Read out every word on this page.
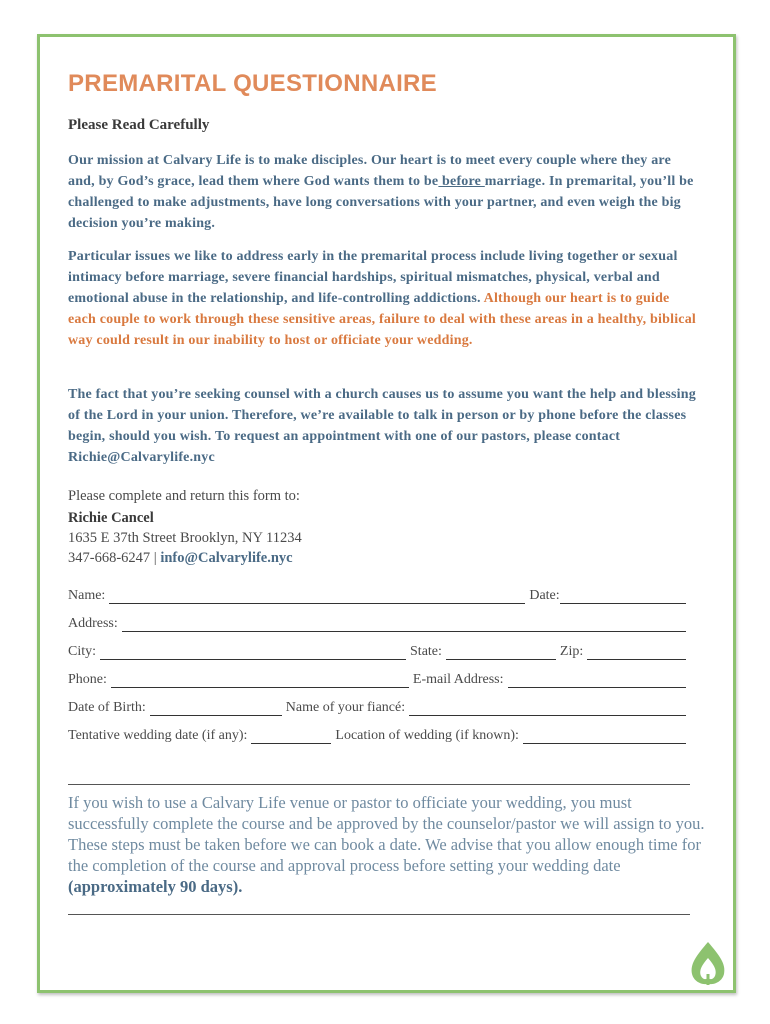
PREMARITAL QUESTIONNAIRE
Please Read Carefully

Our mission at Calvary Life is to make disciples. Our heart is to meet every couple where they are and, by God’s grace, lead them where God wants them to be before marriage. In premarital, you’ll be challenged to make adjustments, have long conversations with your partner, and even weigh the big decision you’re making.

Particular issues we like to address early in the premarital process include living together or sexual intimacy before marriage, severe financial hardships, spiritual mismatches, physical, verbal and emotional abuse in the relationship, and life-controlling addictions. Although our heart is to guide each couple to work through these sensitive areas, failure to deal with these areas in a healthy, biblical way could result in our inability to host or officiate your wedding.

The fact that you’re seeking counsel with a church causes us to assume you want the help and blessing of the Lord in your union. Therefore, we’re available to talk in person or by phone before the classes begin, should you wish. To request an appointment with one of our pastors, please contact Richie@Calvarylife.nyc

Please complete and return this form to:
Richie Cancel
1635 E 37th Street Brooklyn, NY 11234
347-668-6247 | info@Calvarylife.nyc
Name:	Date:
Address:
City:	State:	Zip:
Phone:	E-mail Address:
Date of Birth:	Name of your fiancé:
Tentative wedding date (if any):	Location of wedding (if known):

If you wish to use a Calvary Life venue or pastor to officiate your wedding, you must successfully complete the course and be approved by the counselor/pastor we will assign to you. These steps must be taken before we can book a date. We advise that you allow enough time for the completion of the course and approval process before setting your wedding date (approximately 90 days).
